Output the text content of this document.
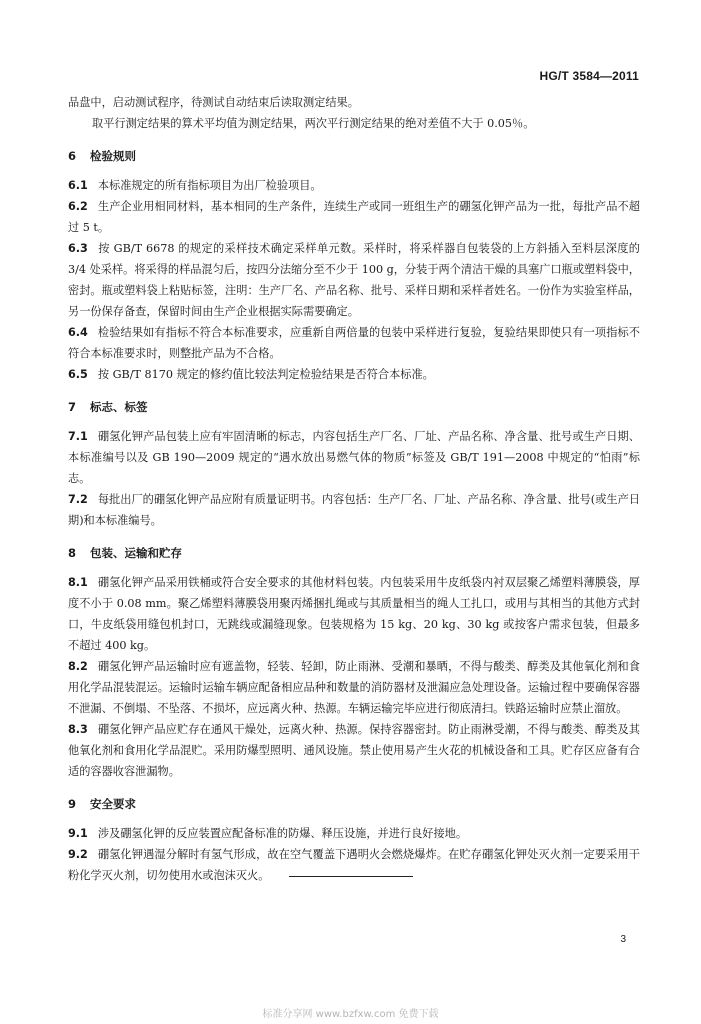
HG/T 3584—2011

品盘中，启动测试程序，待测试自动结束后读取测定结果。

取平行测定结果的算术平均值为测定结果，两次平行测定结果的绝对差值不大于 0.05％。

6 检验规则

6.1 本标准规定的所有指标项目为出厂检验项目。

6.2 生产企业用相同材料，基本相同的生产条件，连续生产或同一班组生产的硼氢化钾产品为一批，每批产品不超过 5 t。

6.3 按 GB/T 6678 的规定的采样技术确定采样单元数。采样时，将采样器自包装袋的上方斜插入至料层深度的 3/4 处采样。将采得的样品混匀后，按四分法缩分至不少于 100 g，分装于两个清洁干燥的具塞广口瓶或塑料袋中，密封。瓶或塑料袋上粘贴标签，注明：生产厂名、产品名称、批号、采样日期和采样者姓名。一份作为实验室样品，另一份保存备查，保留时间由生产企业根据实际需要确定。

6.4 检验结果如有指标不符合本标准要求，应重新自两倍量的包装中采样进行复验，复验结果即使只有一项指标不符合本标准要求时，则整批产品为不合格。

6.5 按 GB/T 8170 规定的修约值比较法判定检验结果是否符合本标准。

7 标志、标签

7.1 硼氢化钾产品包装上应有牢固清晰的标志，内容包括生产厂名、厂址、产品名称、净含量、批号或生产日期、本标准编号以及 GB 190—2009 规定的“遇水放出易燃气体的物质”标签及 GB/T 191—2008 中规定的“怕雨”标志。

7.2 每批出厂的硼氢化钾产品应附有质量证明书。内容包括：生产厂名、厂址、产品名称、净含量、批号(或生产日期)和本标准编号。

8 包装、运输和贮存

8.1 硼氢化钾产品采用铁桶或符合安全要求的其他材料包装。内包装采用牛皮纸袋内衬双层聚乙烯塑料薄膜袋，厚度不小于 0.08 mm。聚乙烯塑料薄膜袋用聚丙烯捆扎绳或与其质量相当的绳人工扎口，或用与其相当的其他方式封口，牛皮纸袋用缝包机封口，无跳线或漏缝现象。包装规格为 15 kg、20 kg、30 kg 或按客户需求包装，但最多不超过 400 kg。

8.2 硼氢化钾产品运输时应有遮盖物，轻装、轻卸，防止雨淋、受潮和暴晒，不得与酸类、醇类及其他氧化剂和食用化学品混装混运。运输时运输车辆应配备相应品种和数量的消防器材及泄漏应急处理设备。运输过程中要确保容器不泄漏、不倒塌、不坠落、不损坏，应远离火种、热源。车辆运输完毕应进行彻底清扫。铁路运输时应禁止溜放。

8.3 硼氢化钾产品应贮存在通风干燥处，远离火种、热源。保持容器密封。防止雨淋受潮，不得与酸类、醇类及其他氧化剂和食用化学品混贮。采用防爆型照明、通风设施。禁止使用易产生火花的机械设备和工具。贮存区应备有合适的容器收容泄漏物。

9 安全要求

9.1 涉及硼氢化钾的反应装置应配备标准的防爆、释压设施，并进行良好接地。

9.2 硼氢化钾遇湿分解时有氢气形成，故在空气覆盖下遇明火会燃烧爆炸。在贮存硼氢化钾处灭火剂一定要采用干粉化学灭火剂，切勿使用水或泡沫灭火。

3
标准分享网 www.bzfxw.com 免费下载
